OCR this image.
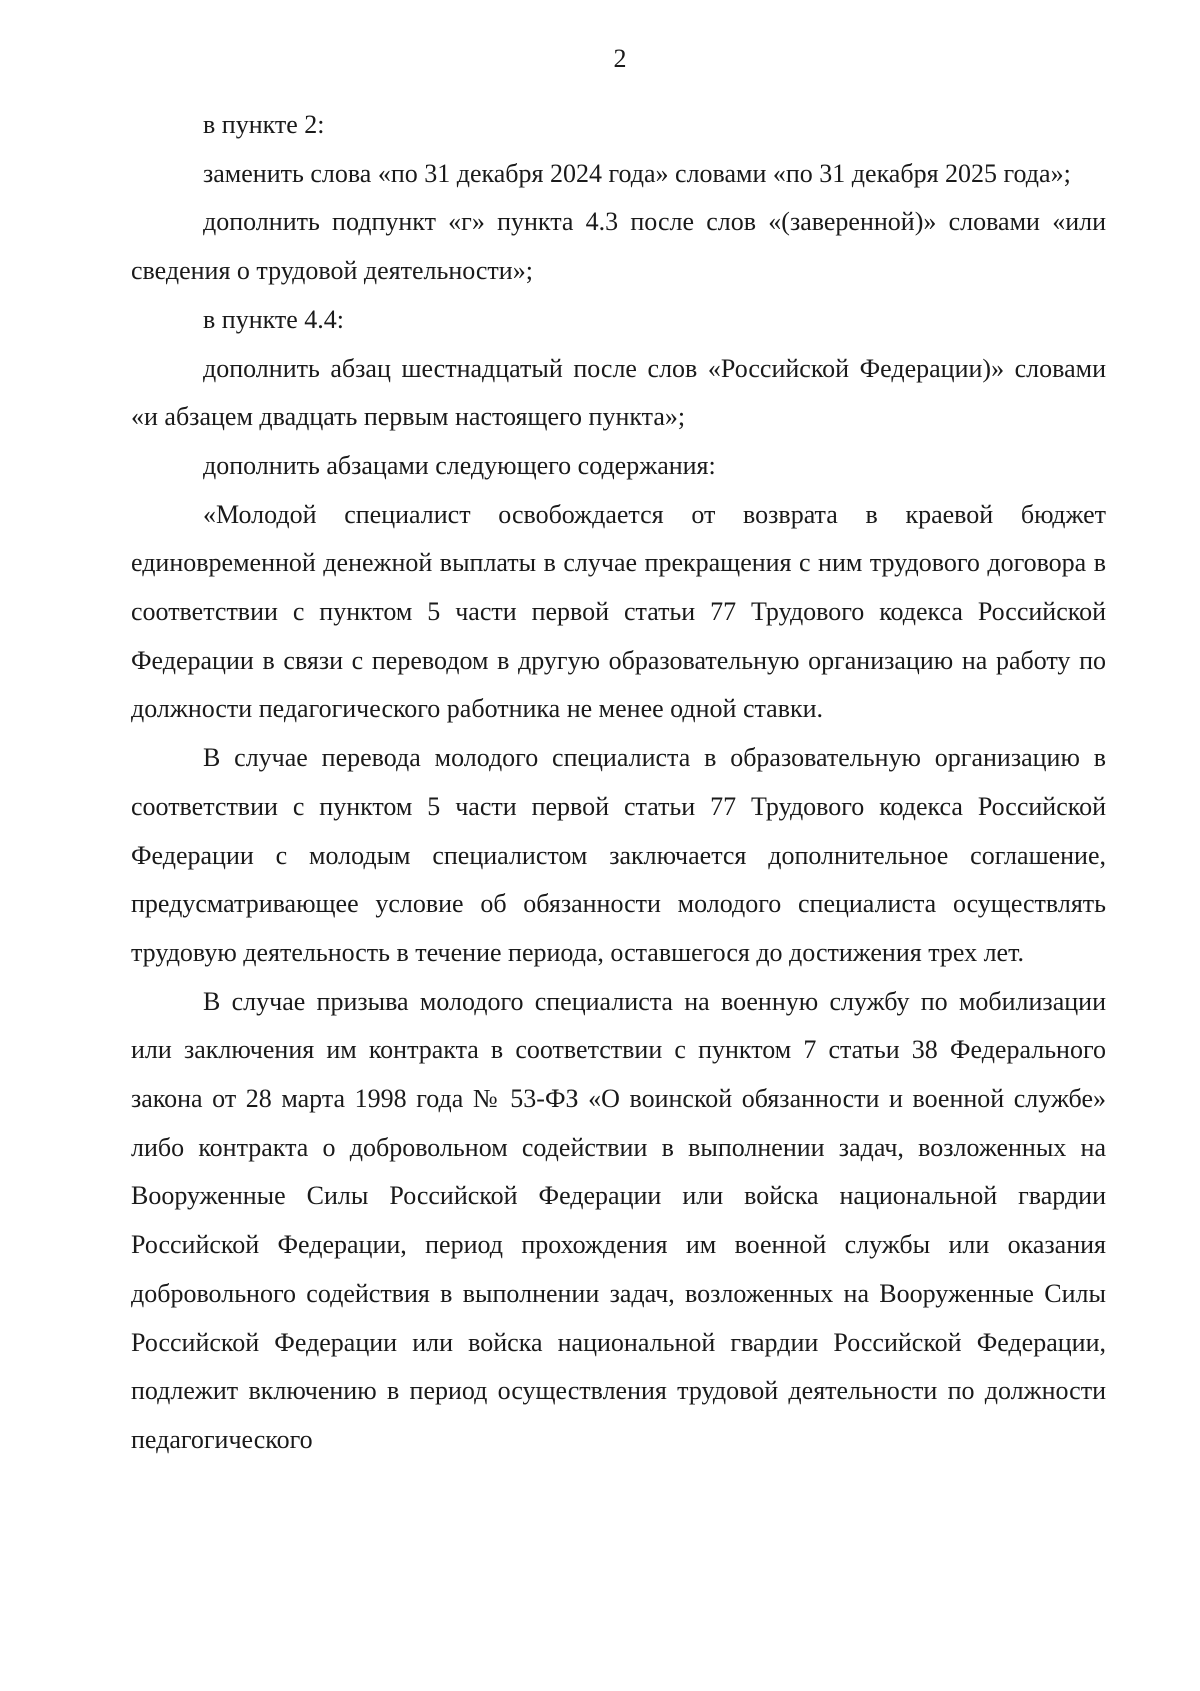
2

в пункте 2:

заменить слова «по 31 декабря 2024 года» словами «по 31 декабря 2025 года»;

дополнить подпункт «г» пункта 4.3 после слов «(заверенной)» словами «или сведения о трудовой деятельности»;

в пункте 4.4:

дополнить абзац шестнадцатый после слов «Российской Федерации)» словами «и абзацем двадцать первым настоящего пункта»;

дополнить абзацами следующего содержания:

«Молодой специалист освобождается от возврата в краевой бюджет единовременной денежной выплаты в случае прекращения с ним трудового договора в соответствии с пунктом 5 части первой статьи 77 Трудового кодекса Российской Федерации в связи с переводом в другую образовательную организацию на работу по должности педагогического работника не менее одной ставки.

В случае перевода молодого специалиста в образовательную организацию в соответствии с пунктом 5 части первой статьи 77 Трудового кодекса Российской Федерации с молодым специалистом заключается дополнительное соглашение, предусматривающее условие об обязанности молодого специалиста осуществлять трудовую деятельность в течение периода, оставшегося до достижения трех лет.

В случае призыва молодого специалиста на военную службу по мобилизации или заключения им контракта в соответствии с пунктом 7 статьи 38 Федерального закона от 28 марта 1998 года № 53-ФЗ «О воинской обязанности и военной службе» либо контракта о добровольном содействии в выполнении задач, возложенных на Вооруженные Силы Российской Федерации или войска национальной гвардии Российской Федерации, период прохождения им военной службы или оказания добровольного содействия в выполнении задач, возложенных на Вооруженные Силы Российской Федерации или войска национальной гвардии Российской Федерации, подлежит включению в период осуществления трудовой деятельности по должности педагогического
